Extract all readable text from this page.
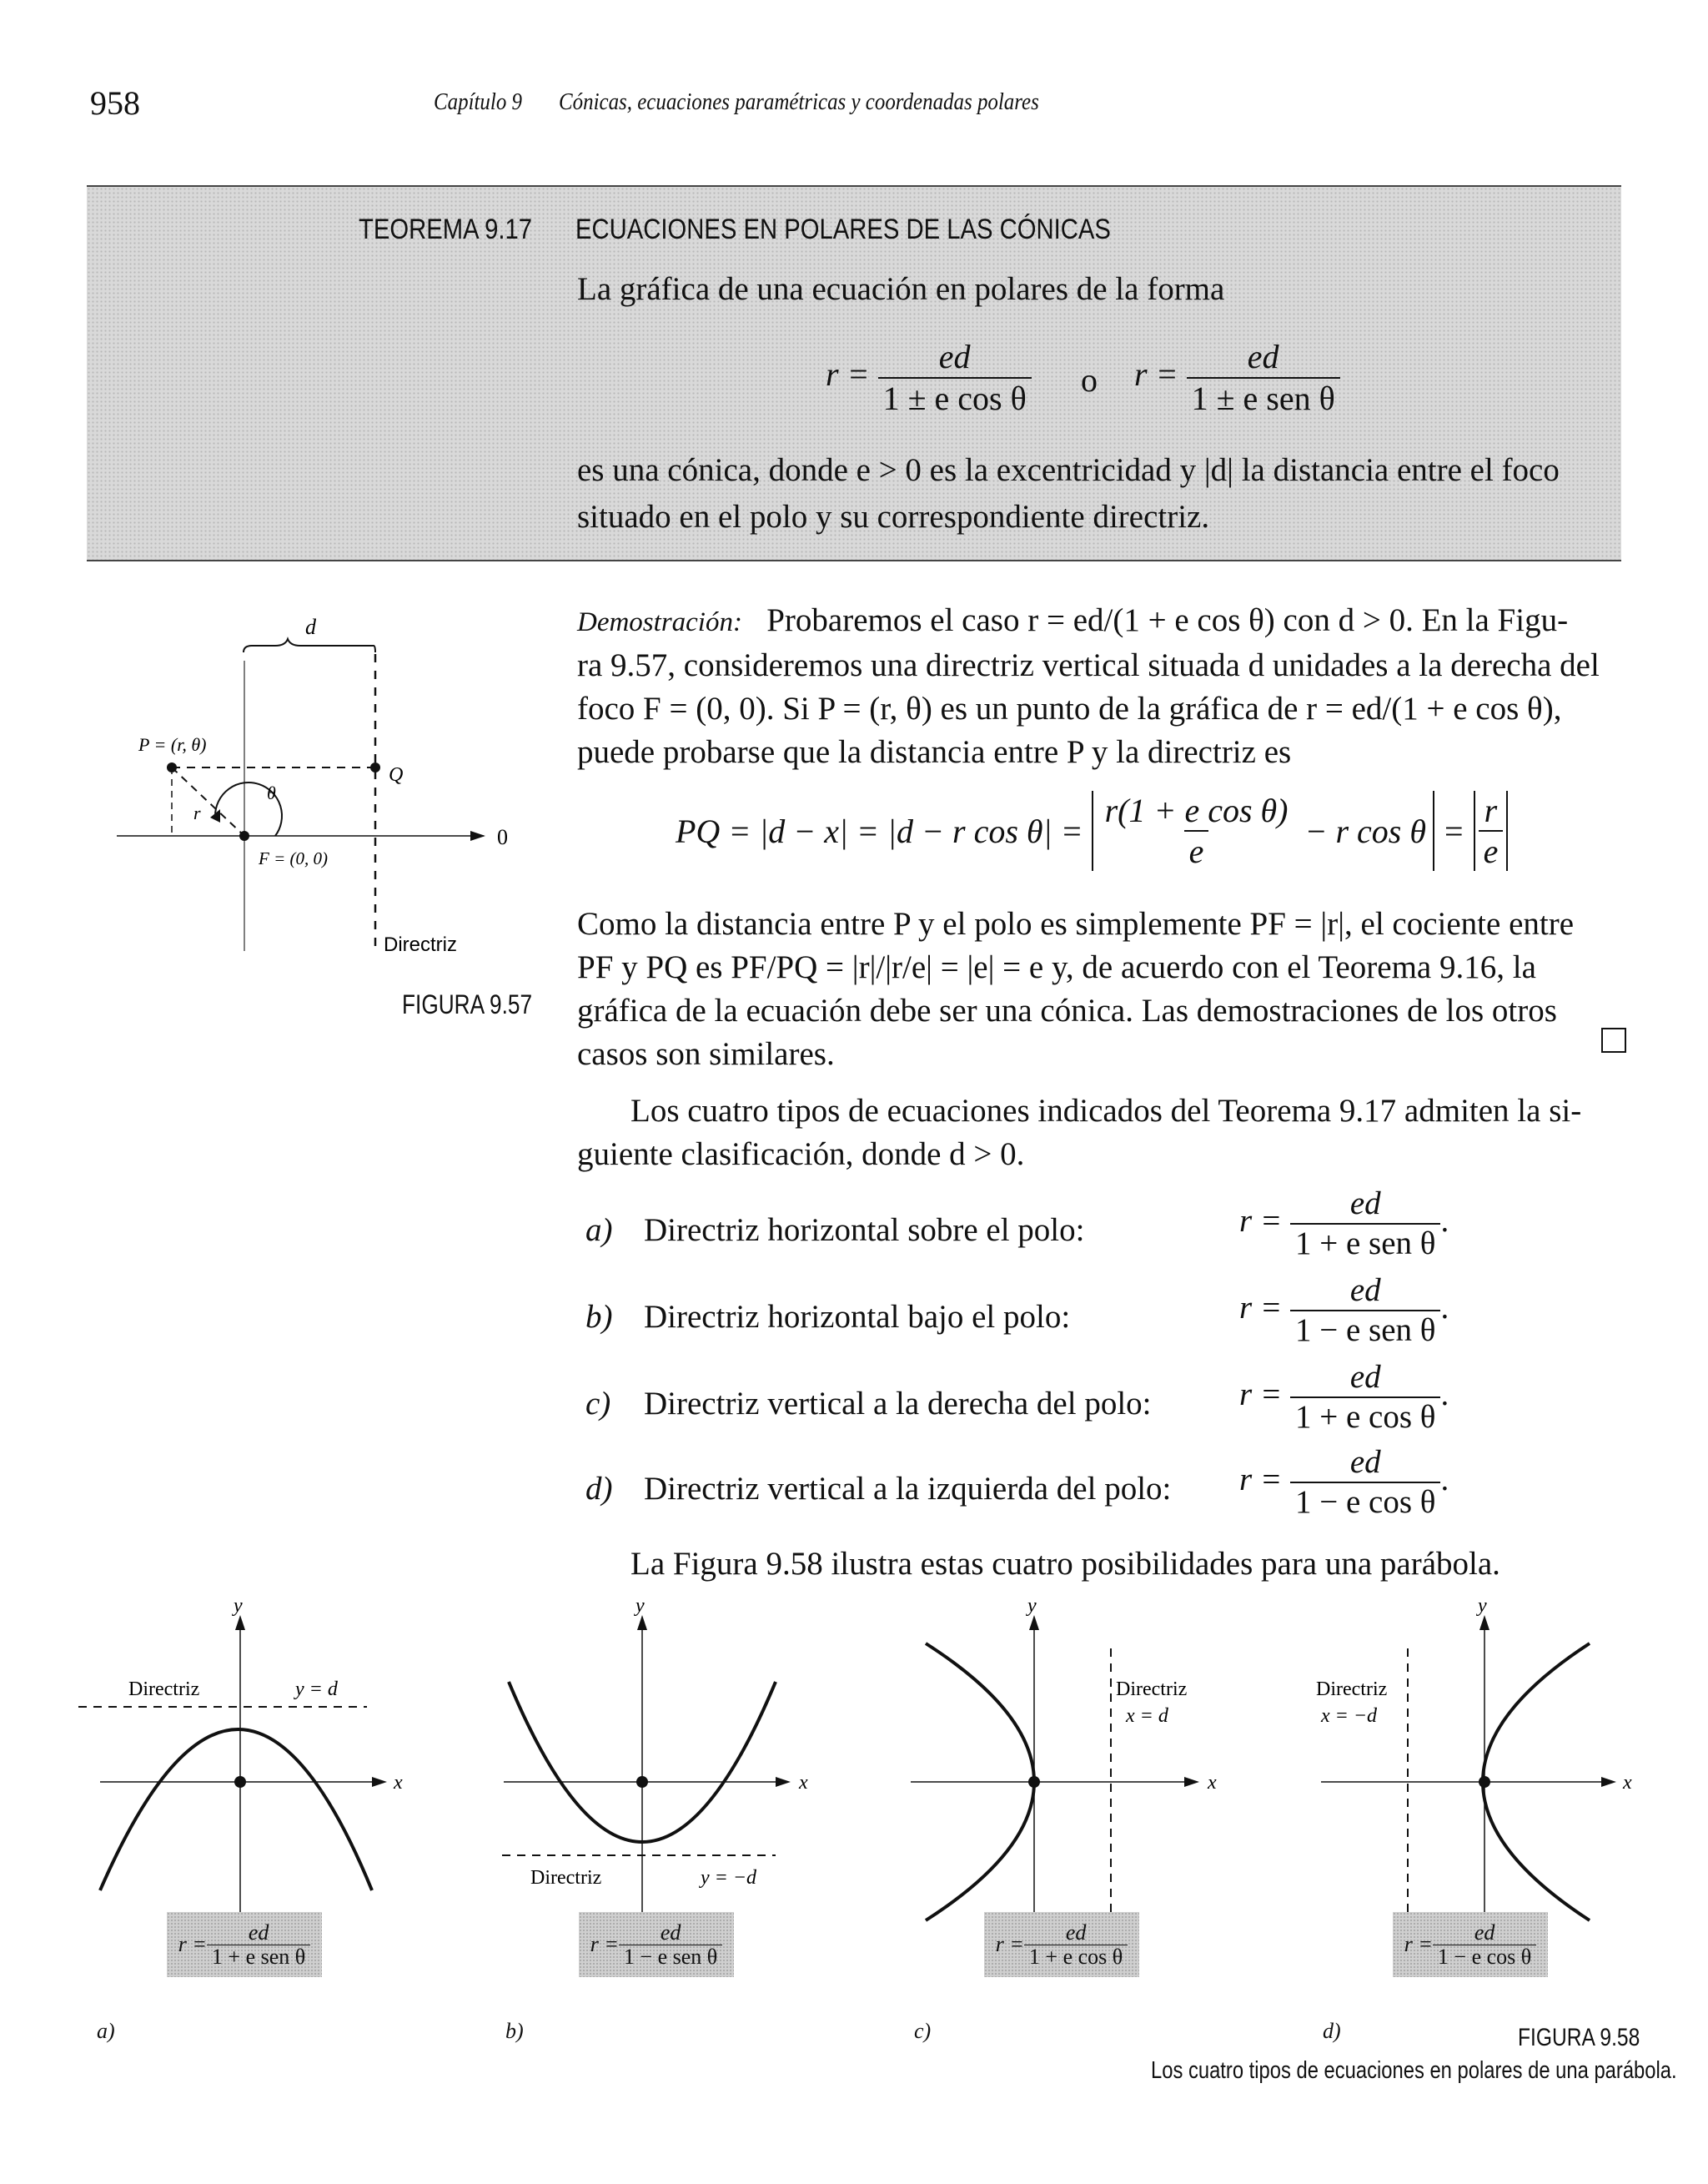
958	Capítulo 9 Cónicas, ecuaciones paramétricas y coordenadas polares
TEOREMA 9.17 ECUACIONES EN POLARES DE LAS CÓNICAS
La gráfica de una ecuación en polares de la forma
$r = \frac{ed}{\text{1 ± e cos θ}}$ o $r = \frac{ed}{\text{1 ± e sen θ}}$
es una cónica, donde e > 0 es la excentricidad y |d| la distancia entre el foco
situado en el polo y su correspondiente directriz.
d
0
P = (r, θ)
Q
θ
r
F = (0, 0)
Directriz
FIGURA 9.57
Demostración: Probaremos el caso r = ed/(1 + e cos θ) con d > 0. En la Figu-
ra 9.57, consideremos una directriz vertical situada d unidades a la derecha del
foco F = (0, 0). Si P = (r, θ) es un punto de la gráfica de r = ed/(1 + e cos θ),
puede probarse que la distancia entre P y la directriz es
PQ = |d − x| = |d − r $\cos \theta| = \frac{\text{r(1 + e cos θ)}}{e} - r$ $\cos \theta = \frac{r}{e}$
Como la distancia entre P y el polo es simplemente PF = |r|, el cociente entre
PF y PQ es PF/PQ = |r|/|r/e| = |e| = e y, de acuerdo con el Teorema 9.16, la
gráfica de la ecuación debe ser una cónica. Las demostraciones de los otros
casos son similares.
Los cuatro tipos de ecuaciones indicados del Teorema 9.17 admiten la si-
guiente clasificación, donde d > 0.
a) Directriz horizontal sobre el polo:	$r = \frac{ed}{\text{1 + e sen θ}}$ .
b) Directriz horizontal bajo el polo:	$r = \frac{ed}{\text{1 − e sen θ}}$ .
c) Directriz vertical a la derecha del polo:	$r = \frac{ed}{\text{1 + e cos θ}}$ .
d) Directriz vertical a la izquierda del polo: $r = \frac{ed}{\text{1 − e cos θ}}$ .
La Figura 9.58 ilustra estas cuatro posibilidades para una parábola.
y
x
Directriz	y = d
$r = \frac{ed}{\text{1 + e sen θ}}$
a)
y
x
Directriz	y = −d
$r = \frac{ed}{\text{1 − e sen θ}}$
b)
y
x
Directriz
x = d
$r = \frac{ed}{\text{1 + e cos θ}}$
c)
y
x
Directriz
x = −d
$r = \frac{ed}{\text{1 − e cos θ}}$
d)	FIGURA 9.58
Los cuatro tipos de ecuaciones en polares de una parábola.
